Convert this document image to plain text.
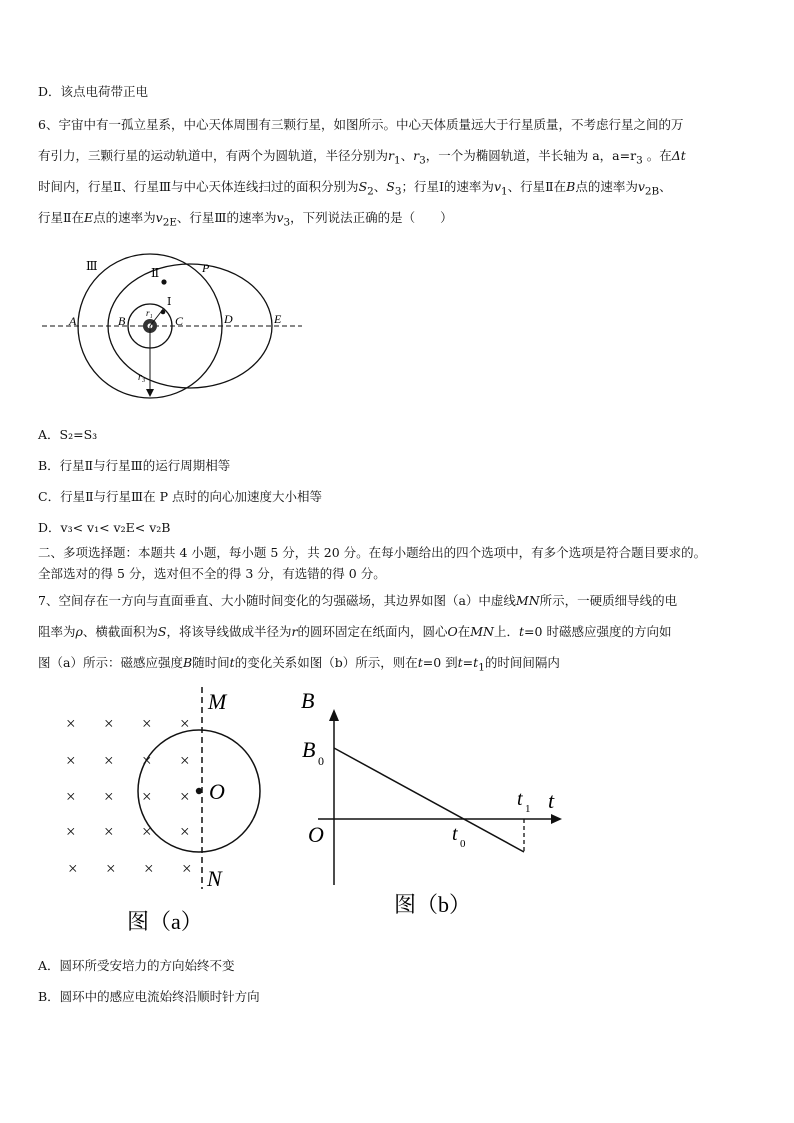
D．该点电荷带正电
6、宇宙中有一孤立星系，中心天体周围有三颗行星，如图所示。中心天体质量远大于行星质量，不考虑行星之间的万
有引力，三颗行星的运动轨道中，有两个为圆轨道，半径分别为$r_1$、$r_3$，一个为椭圆轨道，半长轴为 a，$a=r_3$ 。在Δt
时间内，行星Ⅱ、行星Ⅲ与中心天体连线扫过的面积分别为$S_2$、$S_3$；行星Ⅰ的速率为$v_1$、行星Ⅱ在B点的速率为$v_{2B}$、
行星Ⅱ在E点的速率为$v_{2E}$、行星Ⅲ的速率为$v_3$，下列说法正确的是（　　）
Ⅲ	Ⅱ
Ⅰ
P
A	B	C	D	E
r₁
r₃
A．S₂=S₃
B．行星Ⅱ与行星Ⅲ的运行周期相等
C．行星Ⅱ与行星Ⅲ在 P 点时的向心加速度大小相等
D．v₃< v₁< v₂E< v₂B
二、多项选择题：本题共 4 小题，每小题 5 分，共 20 分。在每小题给出的四个选项中，有多个选项是符合题目要求的。
全部选对的得 5 分，选对但不全的得 3 分，有选错的得 0 分。
7、空间存在一方向与直面垂直、大小随时间变化的匀强磁场，其边界如图（a）中虚线MN所示，一硬质细导线的电
阻率为ρ、横截面积为S，将该导线做成半径为r的圆环固定在纸面内，圆心O在MN上．t=0 时磁感应强度的方向如
图（a）所示：磁感应强度B随时间t的变化关系如图（b）所示，则在t=0 到$t=t_1$的时间间隔内
× × × ×
× × × ×
× × × ×
× × × ×
× × × ×
M
N
O
图（a）
B
B 0
O
t
t 0
t 1
图（b）
A．圆环所受安培力的方向始终不变
B．圆环中的感应电流始终沿顺时针方向
